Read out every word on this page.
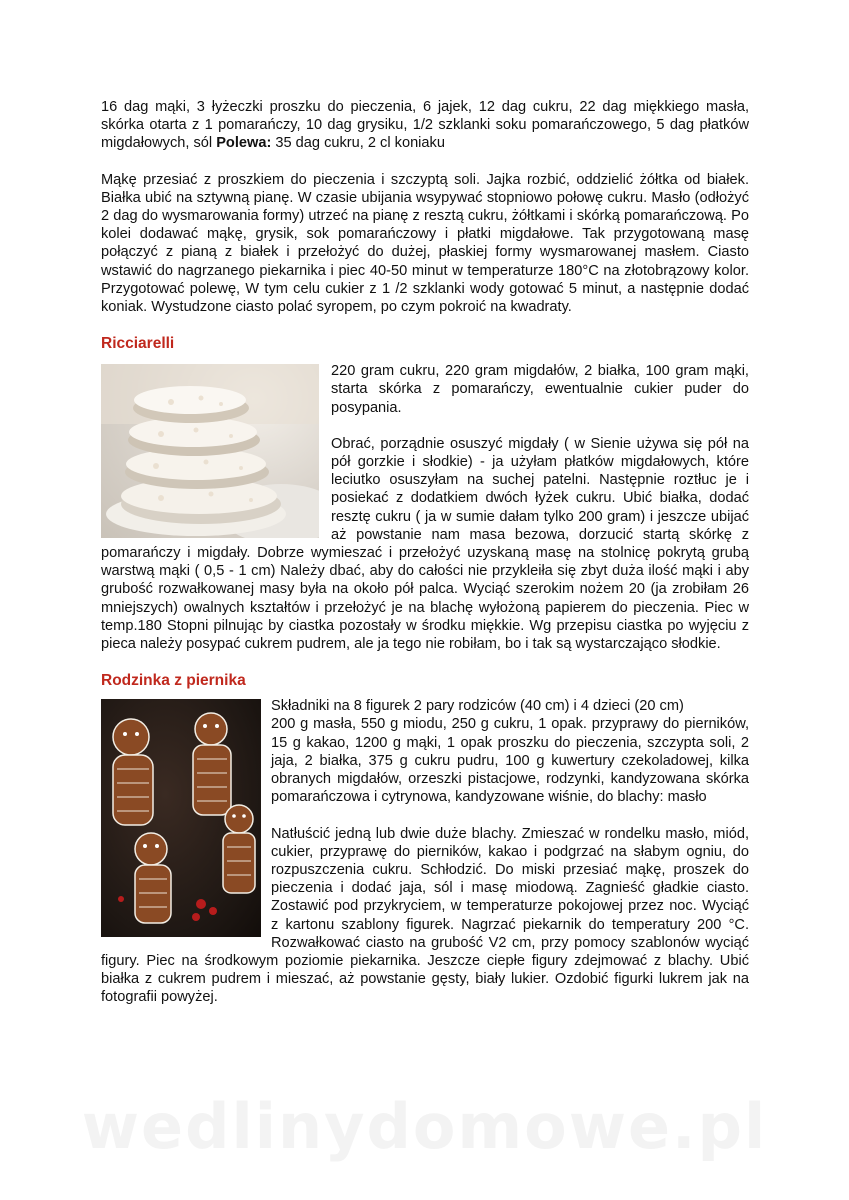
16 dag mąki, 3 łyżeczki proszku do pieczenia, 6 jajek, 12 dag cukru, 22 dag miękkiego masła, skórka otarta z 1 pomarańczy, 10 dag grysiku, 1/2 szklanki soku pomarańczowego, 5 dag płatków migdałowych, sól Polewa: 35 dag cukru, 2 cl koniaku

Mąkę przesiać z proszkiem do pieczenia i szczyptą soli. Jajka rozbić, oddzielić żółtka od białek. Białka ubić na sztywną pianę. W czasie ubijania wsypywać stopniowo połowę cukru. Masło (odłożyć 2 dag do wysmarowania formy) utrzeć na pianę z resztą cukru, żółtkami i skórką pomarańczową. Po kolei dodawać mąkę, grysik, sok pomarańczowy i płatki migdałowe. Tak przygotowaną masę połączyć z pianą z białek i przełożyć do dużej, płaskiej formy wysmarowanej masłem. Ciasto wstawić do nagrzanego piekarnika i piec 40-50 minut w temperaturze 180°C na złotobrązowy kolor. Przygotować polewę, W tym celu cukier z 1 /2 szklanki wody gotować 5 minut, a następnie dodać koniak. Wystudzone ciasto polać syropem, po czym pokroić na kwadraty.

Ricciarelli

220 gram cukru, 220 gram migdałów, 2 białka, 100 gram mąki, starta skórka z pomarańczy, ewentualnie cukier puder do posypania.

Obrać, porządnie osuszyć migdały ( w Sienie używa się pół na pół gorzkie i słodkie) - ja użyłam płatków migdałowych, które leciutko osuszyłam na suchej patelni. Następnie roztłuc je i posiekać z dodatkiem dwóch łyżek cukru. Ubić białka, dodać resztę cukru ( ja w sumie dałam tylko 200 gram) i jeszcze ubijać aż powstanie nam masa bezowa, dorzucić startą skórkę z pomarańczy i migdały. Dobrze wymieszać i przełożyć uzyskaną masę na stolnicę pokrytą grubą warstwą mąki ( 0,5 - 1 cm) Należy dbać, aby do całości nie przykleiła się zbyt duża ilość mąki i aby grubość rozwałkowanej masy była na około pół palca. Wyciąć szerokim nożem 20 (ja zrobiłam 26 mniejszych) owalnych kształtów i przełożyć je na blachę wyłożoną papierem do pieczenia. Piec w temp.180 Stopni pilnując by ciastka pozostały w środku miękkie. Wg przepisu ciastka po wyjęciu z pieca należy posypać cukrem pudrem, ale ja tego nie robiłam, bo i tak są wystarczająco słodkie.

Rodzinka z piernika

Składniki na 8 figurek 2 pary rodziców (40 cm) i 4 dzieci (20 cm)

200 g masła, 550 g miodu, 250 g cukru, 1 opak. przyprawy do pierników, 15 g kakao, 1200 g mąki, 1 opak proszku do pieczenia, szczypta soli, 2 jaja, 2 białka, 375 g cukru pudru, 100 g kuwertury czekoladowej, kilka obranych migdałów, orzeszki pistacjowe, rodzynki, kandyzowana skórka pomarańczowa i cytrynowa, kandyzowane wiśnie, do blachy: masło

Natłuścić jedną lub dwie duże blachy. Zmieszać w rondelku masło, miód, cukier, przyprawę do pierników, kakao i podgrzać na słabym ogniu, do rozpuszczenia cukru. Schłodzić. Do miski przesiać mąkę, proszek do pieczenia i dodać jaja, sól i masę miodową. Zagnieść gładkie ciasto. Zostawić pod przykryciem, w temperaturze pokojowej przez noc. Wyciąć z kartonu szablony figurek. Nagrzać piekarnik do temperatury 200 °C. Rozwałkować ciasto na grubość V2 cm, przy pomocy szablonów wyciąć figury. Piec na środkowym poziomie piekarnika. Jeszcze ciepłe figury zdejmować z blachy. Ubić białka z cukrem pudrem i mieszać, aż powstanie gęsty, biały lukier. Ozdobić figurki lukrem jak na fotografii powyżej.

wedlinydomowe.pl
